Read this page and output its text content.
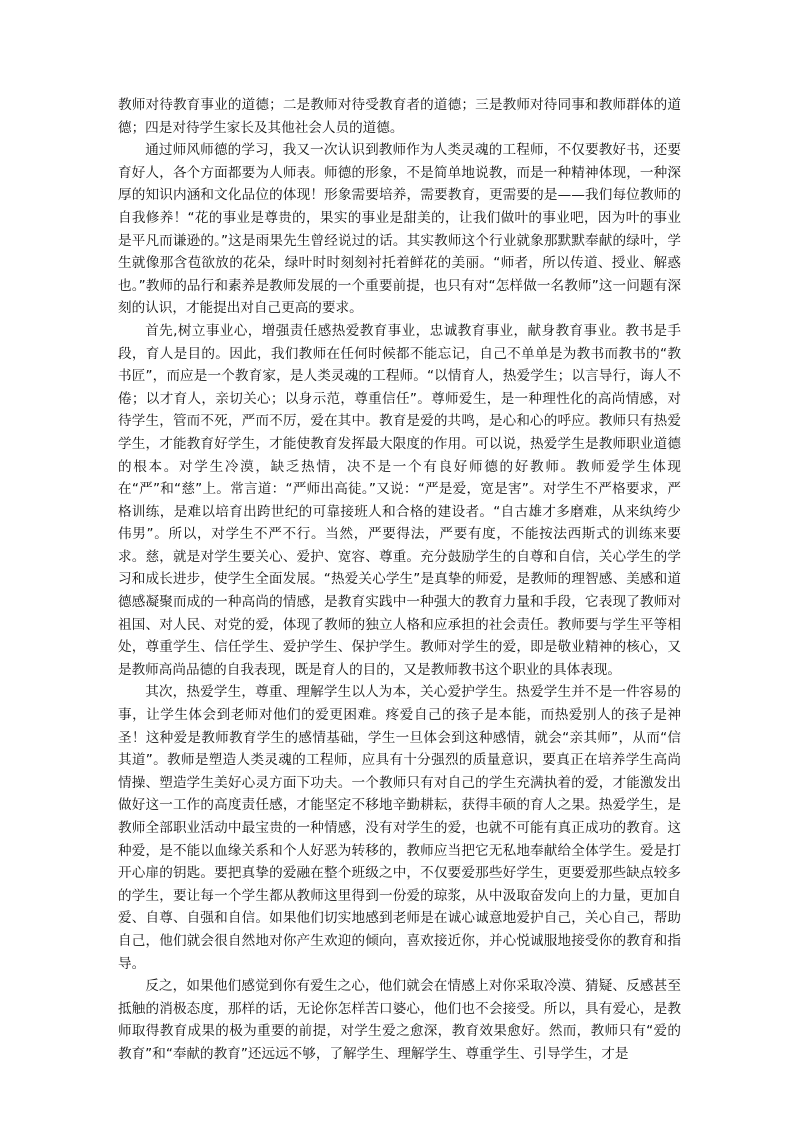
教师对待教育事业的道德；二是教师对待受教育者的道德；三是教师对待同事和教师群体的道德；四是对待学生家长及其他社会人员的道德。

通过师风师德的学习，我又一次认识到教师作为人类灵魂的工程师，不仅要教好书，还要育好人，各个方面都要为人师表。师德的形象，不是简单地说教，而是一种精神体现，一种深厚的知识内涵和文化品位的体现！形象需要培养，需要教育，更需要的是——我们每位教师的自我修养！“花的事业是尊贵的，果实的事业是甜美的，让我们做叶的事业吧，因为叶的事业是平凡而谦逊的。”这是雨果先生曾经说过的话。其实教师这个行业就象那默默奉献的绿叶，学生就像那含苞欲放的花朵，绿叶时时刻刻衬托着鲜花的美丽。“师者，所以传道、授业、解惑也。”教师的品行和素养是教师发展的一个重要前提，也只有对“怎样做一名教师”这一问题有深刻的认识，才能提出对自己更高的要求。

首先,树立事业心，增强责任感热爱教育事业，忠诚教育事业，献身教育事业。教书是手段，育人是目的。因此，我们教师在任何时候都不能忘记，自己不单单是为教书而教书的“教书匠”，而应是一个教育家，是人类灵魂的工程师。“以情育人，热爱学生；以言导行，诲人不倦；以才育人，亲切关心；以身示范，尊重信任”。尊师爱生，是一种理性化的高尚情感，对待学生，管而不死，严而不厉，爱在其中。教育是爱的共鸣，是心和心的呼应。教师只有热爱学生，才能教育好学生，才能使教育发挥最大限度的作用。可以说，热爱学生是教师职业道德的根本。对学生冷漠，缺乏热情，决不是一个有良好师德的好教师。教师爱学生体现在“严”和“慈”上。常言道：“严师出高徒。”又说：“严是爱，宽是害”。对学生不严格要求，严格训练，是难以培育出跨世纪的可靠接班人和合格的建设者。“自古雄才多磨难，从来纨绔少伟男”。所以，对学生不严不行。当然，严要得法，严要有度，不能按法西斯式的训练来要求。慈，就是对学生要关心、爱护、宽容、尊重。充分鼓励学生的自尊和自信，关心学生的学习和成长进步，使学生全面发展。“热爱关心学生”是真挚的师爱，是教师的理智感、美感和道德感凝聚而成的一种高尚的情感，是教育实践中一种强大的教育力量和手段，它表现了教师对祖国、对人民、对党的爱，体现了教师的独立人格和应承担的社会责任。教师要与学生平等相处，尊重学生、信任学生、爱护学生、保护学生。教师对学生的爱，即是敬业精神的核心，又是教师高尚品德的自我表现，既是育人的目的，又是教师教书这个职业的具体表现。

其次，热爱学生，尊重、理解学生以人为本，关心爱护学生。热爱学生并不是一件容易的事，让学生体会到老师对他们的爱更困难。疼爱自己的孩子是本能，而热爱别人的孩子是神圣！这种爱是教师教育学生的感情基础，学生一旦体会到这种感情，就会“亲其师”，从而“信其道”。教师是塑造人类灵魂的工程师，应具有十分强烈的质量意识，要真正在培养学生高尚情操、塑造学生美好心灵方面下功夫。一个教师只有对自己的学生充满执着的爱，才能激发出做好这一工作的高度责任感，才能坚定不移地辛勤耕耘，获得丰硕的育人之果。热爱学生，是教师全部职业活动中最宝贵的一种情感，没有对学生的爱，也就不可能有真正成功的教育。这种爱，是不能以血缘关系和个人好恶为转移的，教师应当把它无私地奉献给全体学生。爱是打开心扉的钥匙。要把真挚的爱融在整个班级之中，不仅要爱那些好学生，更要爱那些缺点较多的学生，要让每一个学生都从教师这里得到一份爱的琼浆，从中汲取奋发向上的力量，更加自爱、自尊、自强和自信。如果他们切实地感到老师是在诚心诚意地爱护自己，关心自己，帮助自己，他们就会很自然地对你产生欢迎的倾向，喜欢接近你，并心悦诚服地接受你的教育和指导。

反之，如果他们感觉到你有爱生之心，他们就会在情感上对你采取冷漠、猜疑、反感甚至抵触的消极态度，那样的话，无论你怎样苦口婆心，他们也不会接受。所以，具有爱心，是教师取得教育成果的极为重要的前提，对学生爱之愈深，教育效果愈好。然而，教师只有“爱的教育”和“奉献的教育”还远远不够，了解学生、理解学生、尊重学生、引导学生，才是
